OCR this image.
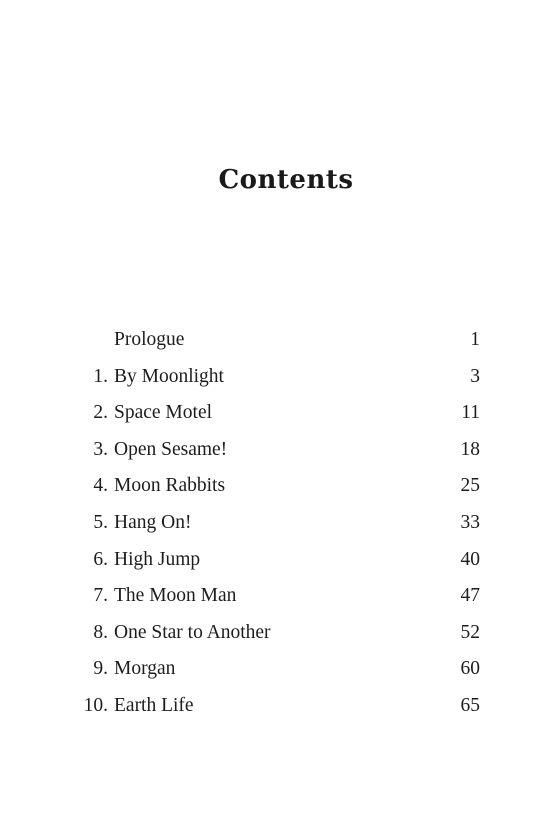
Contents
Prologue	1
1. By Moonlight	3
2. Space Motel	11
3. Open Sesame!	18
4. Moon Rabbits	25
5. Hang On!	33
6. High Jump	40
7. The Moon Man	47
8. One Star to Another	52
9. Morgan	60
10. Earth Life	65
